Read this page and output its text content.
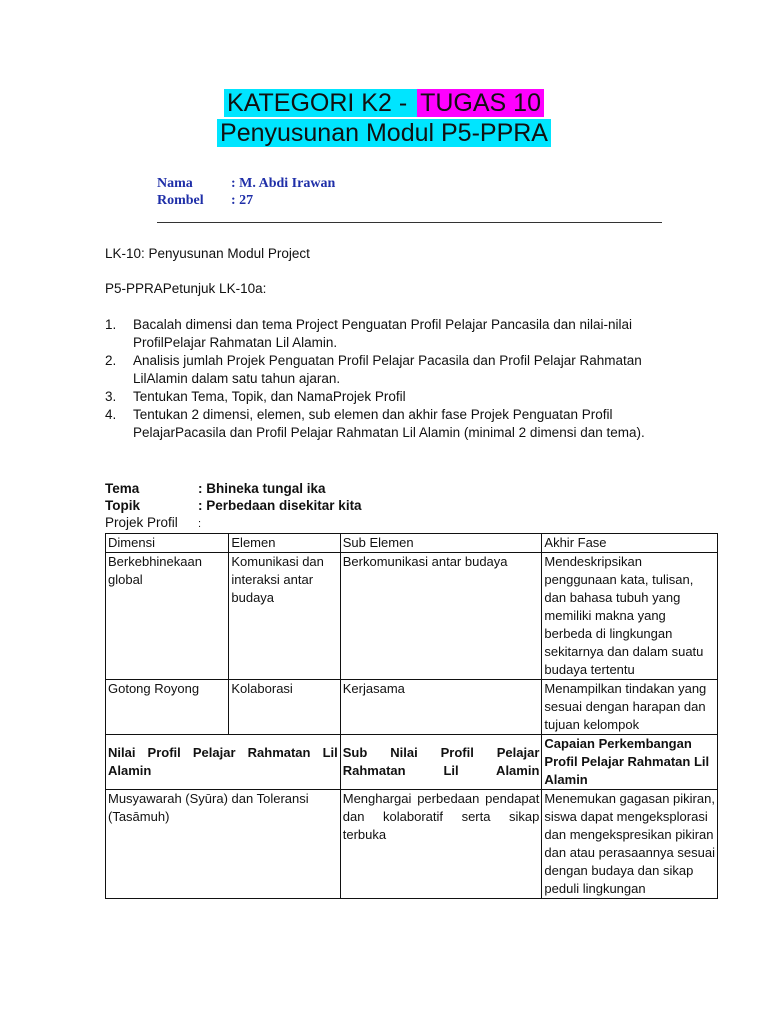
KATEGORI K2 - TUGAS 10
Penyusunan Modul P5-PPRA
Nama	: M. Abdi Irawan
Rombel : 27
LK-10: Penyusunan Modul Project
P5-PPRAPetunjuk LK-10a:
1. Bacalah dimensi dan tema Project Penguatan Profil Pelajar Pancasila dan nilai-nilai ProfilPelajar Rahmatan Lil Alamin.
2. Analisis jumlah Projek Penguatan Profil Pelajar Pacasila dan Profil Pelajar Rahmatan LilAlamin dalam satu tahun ajaran.
3. Tentukan Tema, Topik, dan NamaProjek Profil
4. Tentukan 2 dimensi, elemen, sub elemen dan akhir fase Projek Penguatan Profil PelajarPacasila dan Profil Pelajar Rahmatan Lil Alamin (minimal 2 dimensi dan tema).
Tema	: Bhineka tungal ika
Topik	: Perbedaan disekitar kita
Projek Profil :
Dimensi	Elemen	Sub Elemen	Akhir Fase
Berkebhinekaan global	Komunikasi dan interaksi antar budaya	Berkomunikasi antar budaya	Mendeskripsikan penggunaan kata, tulisan, dan bahasa tubuh yang memiliki makna yang berbeda di lingkungan sekitarnya dan dalam suatu budaya tertentu
Gotong Royong	Kolaborasi	Kerjasama	Menampilkan tindakan yang sesuai dengan harapan dan tujuan kelompok
Nilai Profil Pelajar Rahmatan Lil Alamin		Sub Nilai Profil Pelajar Rahmatan Lil Alamin	Capaian Perkembangan Profil Pelajar Rahmatan Lil Alamin
Musyawarah (Syūra) dan Toleransi (Tasāmuh)		Menghargai perbedaan pendapat dan kolaboratif serta sikap terbuka	Menemukan gagasan pikiran, siswa dapat mengeksplorasi dan mengekspresikan pikiran dan atau perasaannya sesuai dengan budaya dan sikap peduli lingkungan
